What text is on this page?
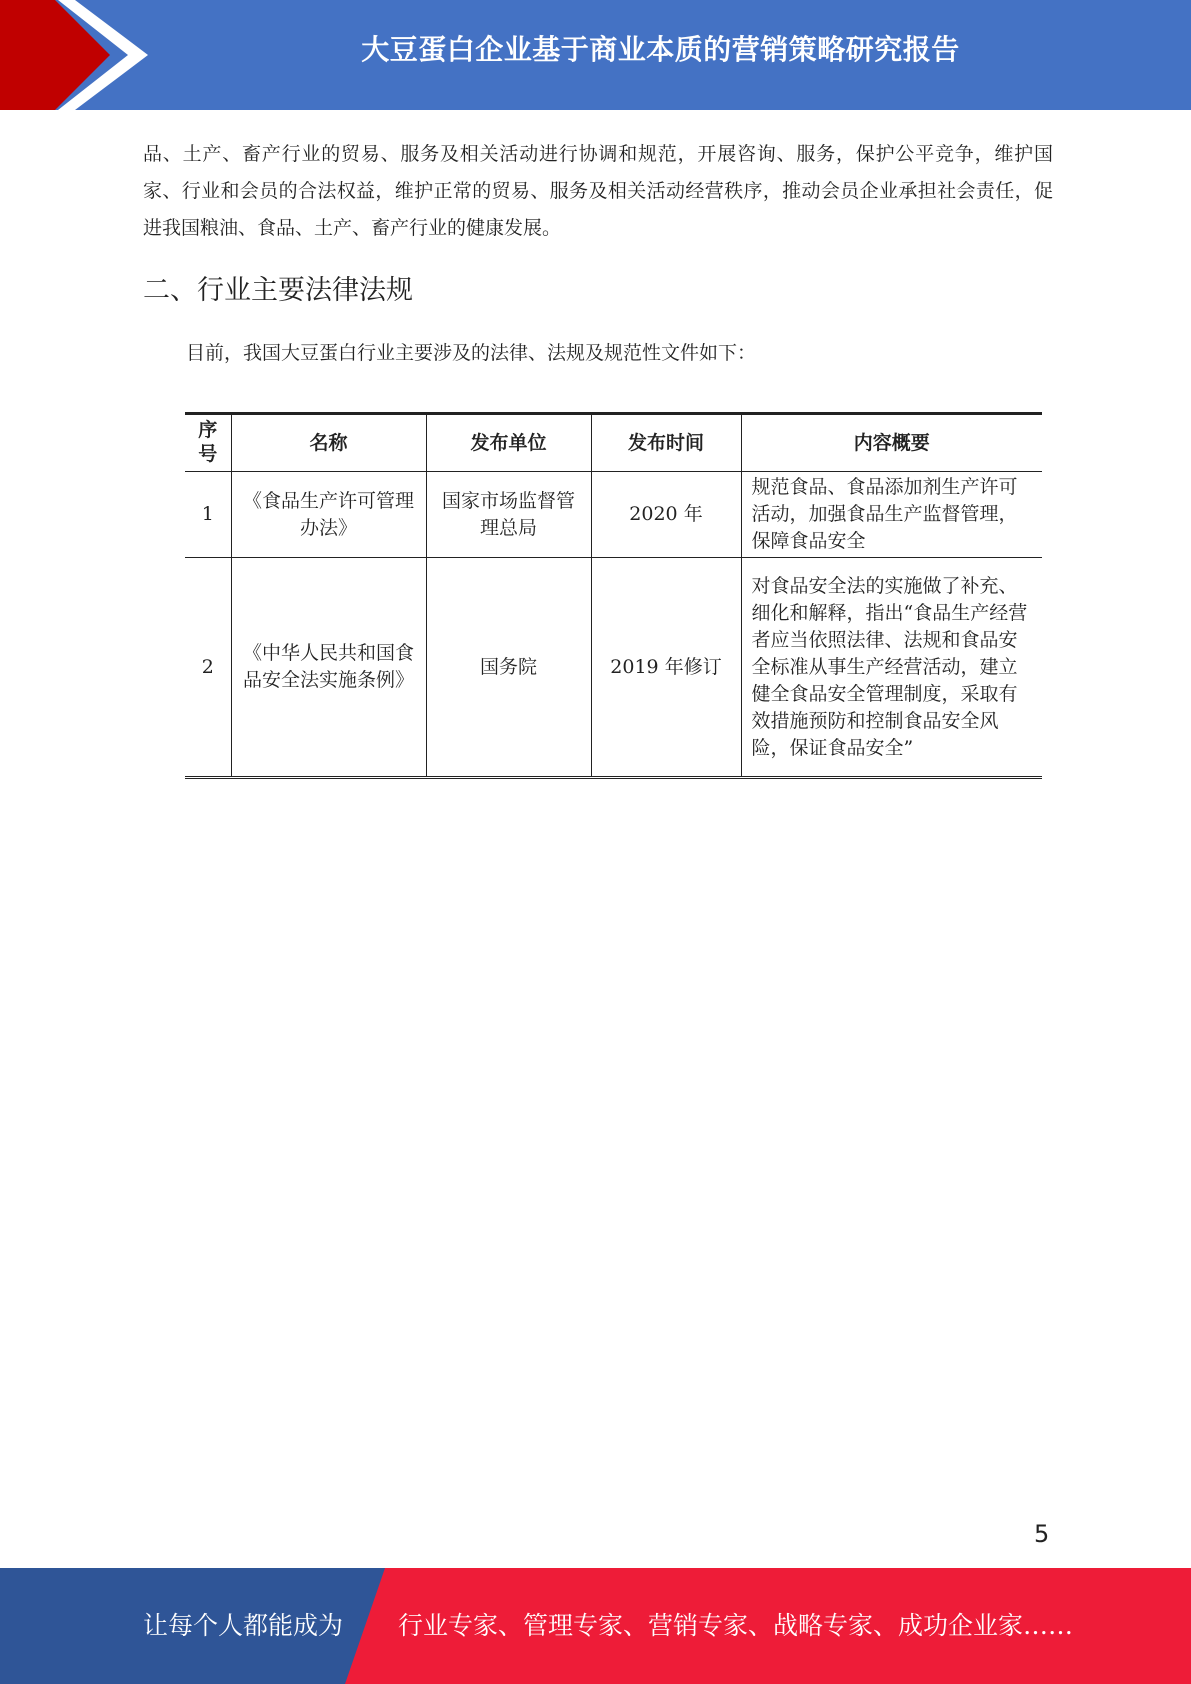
大豆蛋白企业基于商业本质的营销策略研究报告

品、土产、畜产行业的贸易、服务及相关活动进行协调和规范，开展咨询、服务，保护公平竞争，维护国家、行业和会员的合法权益，维护正常的贸易、服务及相关活动经营秩序，推动会员企业承担社会责任，促进我国粮油、食品、土产、畜产行业的健康发展。

二、行业主要法律法规

目前，我国大豆蛋白行业主要涉及的法律、法规及规范性文件如下：

序号	名称	发布单位	发布时间	内容概要
1	《食品生产许可管理办法》	国家市场监督管理总局	2020 年	规范食品、食品添加剂生产许可活动，加强食品生产监督管理，保障食品安全
2	《中华人民共和国食品安全法实施条例》	国务院	2019 年修订	对食品安全法的实施做了补充、细化和解释，指出“食品生产经营者应当依照法律、法规和食品安全标准从事生产经营活动，建立健全食品安全管理制度，采取有效措施预防和控制食品安全风险，保证食品安全”
5
让每个人都能成为 行业专家、管理专家、营销专家、战略专家、成功企业家……
